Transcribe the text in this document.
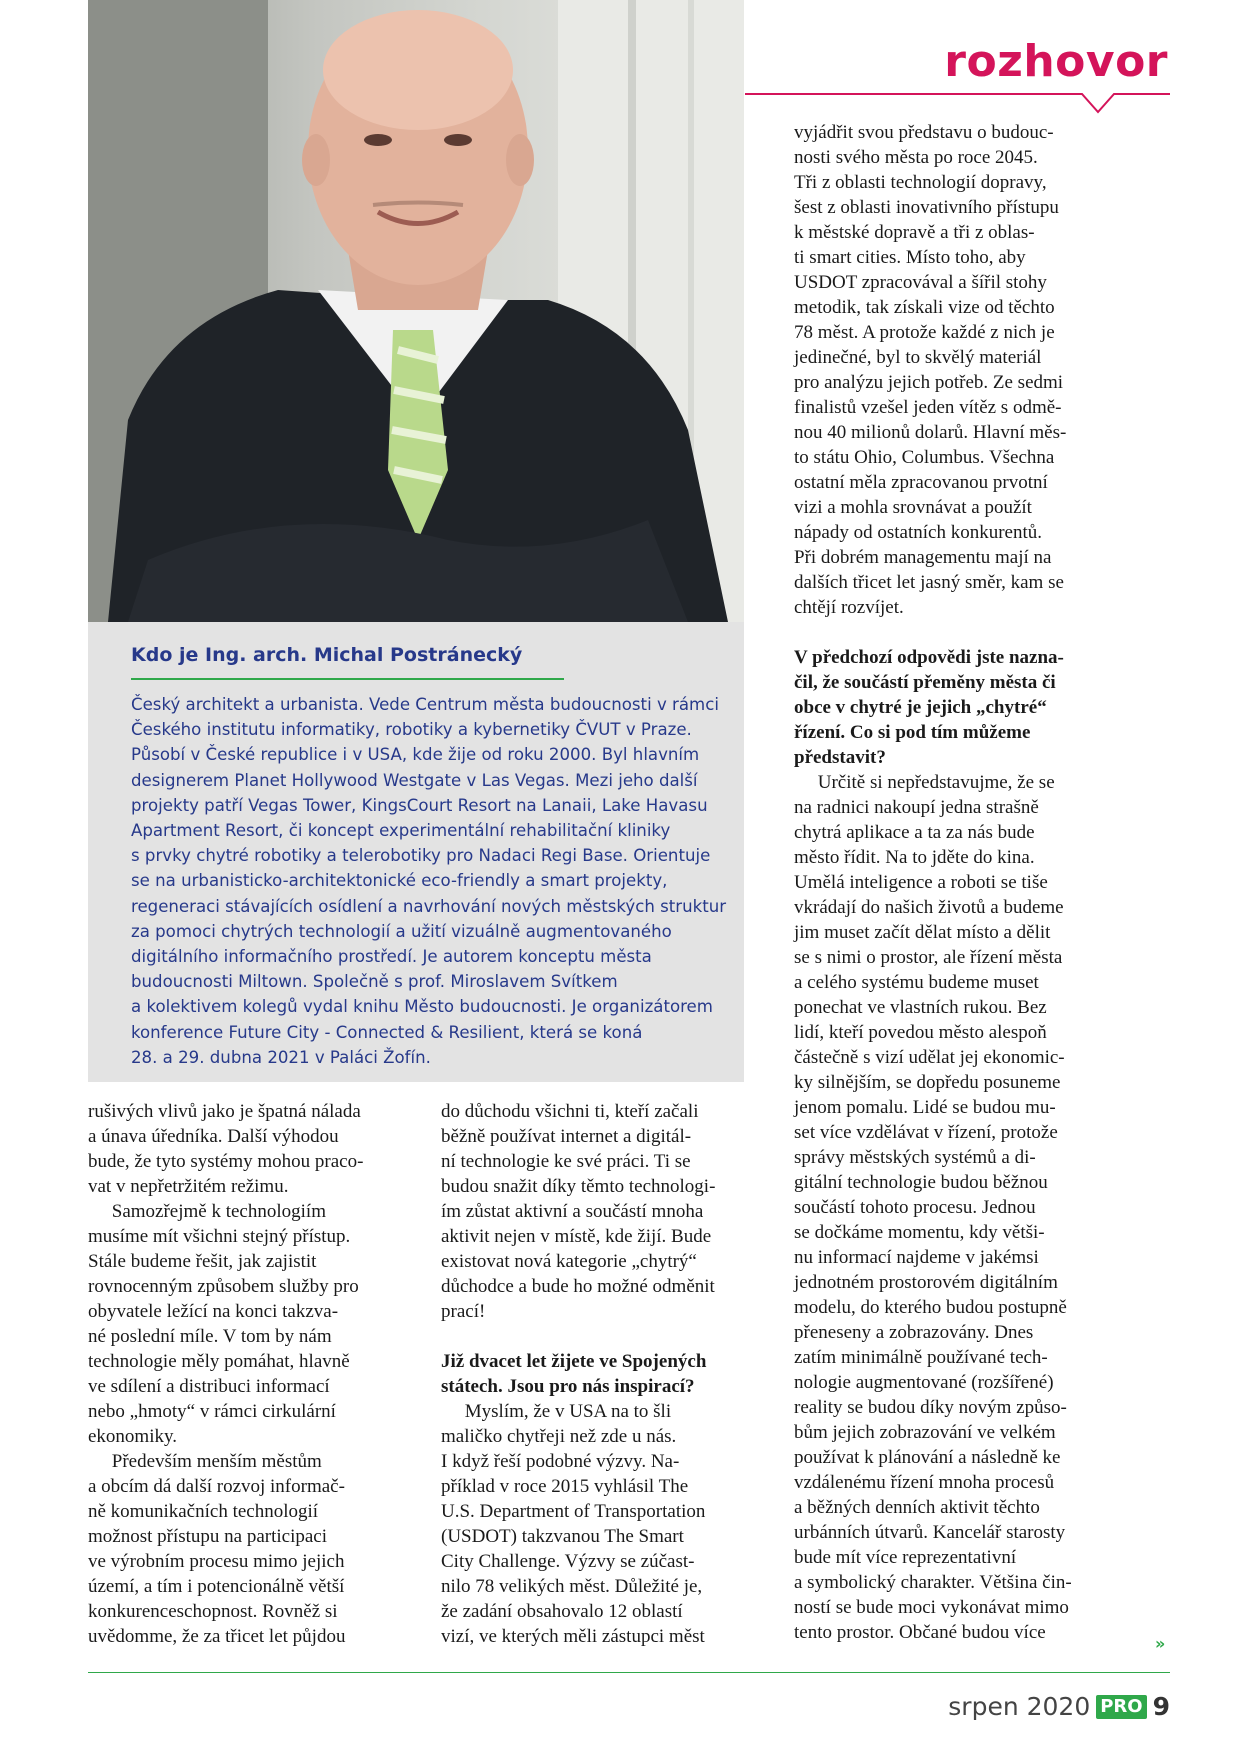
rozhovor
Kdo je Ing. arch. Michal Postránecký

Český architekt a urbanista. Vede Centrum města budoucnosti v rámci
Českého institutu informatiky, robotiky a kybernetiky ČVUT v Praze.
Působí v České republice i v USA, kde žije od roku 2000. Byl hlavním
designerem Planet Hollywood Westgate v Las Vegas. Mezi jeho další
projekty patří Vegas Tower, KingsCourt Resort na Lanaii, Lake Havasu
Apartment Resort, či koncept experimentální rehabilitační kliniky
s prvky chytré robotiky a telerobotiky pro Nadaci Regi Base. Orientuje
se na urbanisticko-architektonické eco-friendly a smart projekty,
regeneraci stávajících osídlení a navrhování nových městských struktur
za pomoci chytrých technologií a užití vizuálně augmentovaného
digitálního informačního prostředí. Je autorem konceptu města
budoucnosti Miltown. Společně s prof. Miroslavem Svítkem
a kolektivem kolegů vydal knihu Město budoucnosti. Je organizátorem
konference Future City - Connected & Resilient, která se koná
28. a 29. dubna 2021 v Paláci Žofín.

rušivých vlivů jako je špatná nálada
a únava úředníka. Další výhodou
bude, že tyto systémy mohou praco-
vat v nepřetržitém režimu.
Samozřejmě k technologiím
musíme mít všichni stejný přístup.
Stále budeme řešit, jak zajistit
rovnocenným způsobem služby pro
obyvatele ležící na konci takzva-
né poslední míle. V tom by nám
technologie měly pomáhat, hlavně
ve sdílení a distribuci informací
nebo „hmoty“ v rámci cirkulární
ekonomiky.
Především menším městům
a obcím dá další rozvoj informač-
ně komunikačních technologií
možnost přístupu na participaci
ve výrobním procesu mimo jejich
území, a tím i potencionálně větší
konkurenceschopnost. Rovněž si
uvědomme, že za třicet let půjdou
do důchodu všichni ti, kteří začali
běžně používat internet a digitál-
ní technologie ke své práci. Ti se
budou snažit díky těmto technologi-
ím zůstat aktivní a součástí mnoha
aktivit nejen v místě, kde žijí. Bude
existovat nová kategorie „chytrý“
důchodce a bude ho možné odměnit
prací!
Již dvacet let žijete ve Spojených
státech. Jsou pro nás inspirací?
Myslím, že v USA na to šli
maličko chytřeji než zde u nás.
I když řeší podobné výzvy. Na-
příklad v roce 2015 vyhlásil The
U.S. Department of Transportation
(USDOT) takzvanou The Smart
City Challenge. Výzvy se zúčast-
nilo 78 velikých měst. Důležité je,
že zadání obsahovalo 12 oblastí
vizí, ve kterých měli zástupci měst
vyjádřit svou představu o budouc-
nosti svého města po roce 2045.
Tři z oblasti technologií dopravy,
šest z oblasti inovativního přístupu
k městské dopravě a tři z oblas-
ti smart cities. Místo toho, aby
USDOT zpracovával a šířil stohy
metodik, tak získali vize od těchto
78 měst. A protože každé z nich je
jedinečné, byl to skvělý materiál
pro analýzu jejich potřeb. Ze sedmi
finalistů vzešel jeden vítěz s odmě-
nou 40 milionů dolarů. Hlavní měs-
to státu Ohio, Columbus. Všechna
ostatní měla zpracovanou prvotní
vizi a mohla srovnávat a použít
nápady od ostatních konkurentů.
Při dobrém managementu mají na
dalších třicet let jasný směr, kam se
chtějí rozvíjet.
V předchozí odpovědi jste nazna-
čil, že součástí přeměny města či
obce v chytré je jejich „chytré“
řízení. Co si pod tím můžeme
představit?
Určitě si nepředstavujme, že se
na radnici nakoupí jedna strašně
chytrá aplikace a ta za nás bude
město řídit. Na to jděte do kina.
Umělá inteligence a roboti se tiše
vkrádají do našich životů a budeme
jim muset začít dělat místo a dělit
se s nimi o prostor, ale řízení města
a celého systému budeme muset
ponechat ve vlastních rukou. Bez
lidí, kteří povedou město alespoň
částečně s vizí udělat jej ekonomic-
ky silnějším, se dopředu posuneme
jenom pomalu. Lidé se budou mu-
set více vzdělávat v řízení, protože
správy městských systémů a di-
gitální technologie budou běžnou
součástí tohoto procesu. Jednou
se dočkáme momentu, kdy větši-
nu informací najdeme v jakémsi
jednotném prostorovém digitálním
modelu, do kterého budou postupně
přeneseny a zobrazovány. Dnes
zatím minimálně používané tech-
nologie augmentované (rozšířené)
reality se budou díky novým způso-
bům jejich zobrazování ve velkém
používat k plánování a následně ke
vzdálenému řízení mnoha procesů
a běžných denních aktivit těchto
urbánních útvarů. Kancelář starosty
bude mít více reprezentativní
a symbolický charakter. Většina čin-
ností se bude moci vykonávat mimo
tento prostor. Občané budou více
»
srpen 2020 PRO 9
